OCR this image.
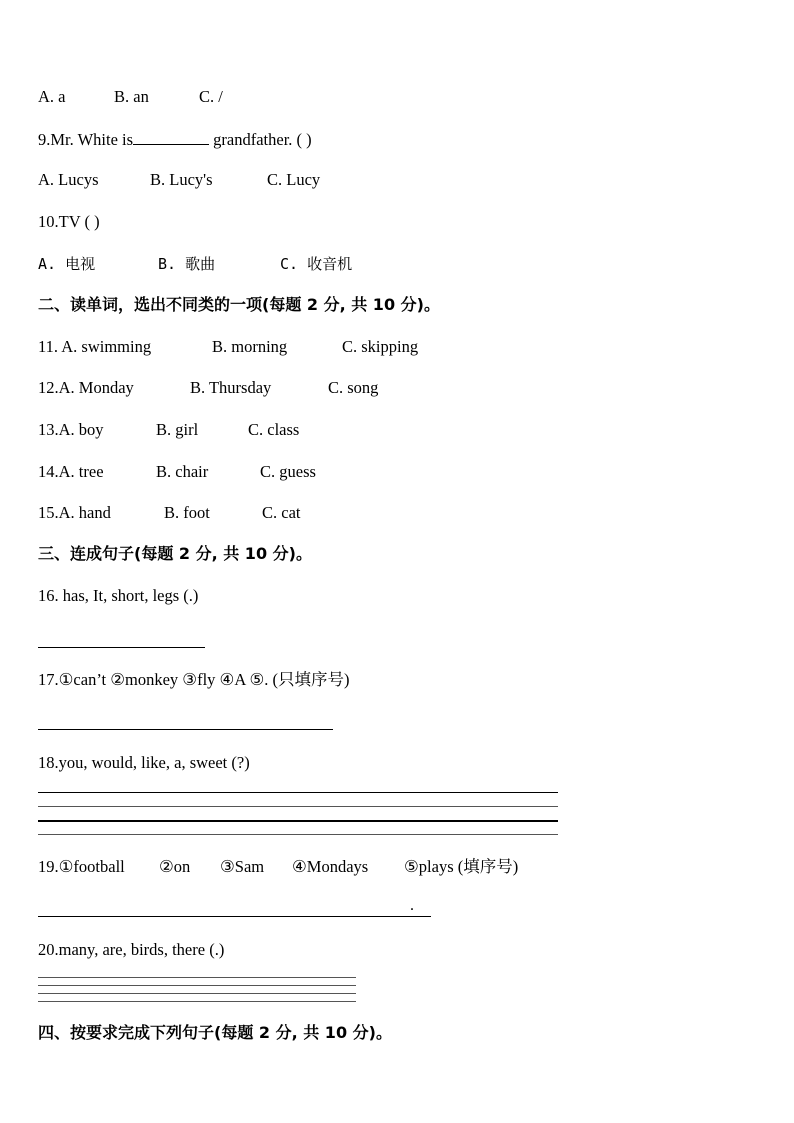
A. a	B. an	C. /
9.Mr. White is	grandfather. ( )
A. Lucys	B. Lucy's	C. Lucy
10.TV ( )
A. 电视	B. 歌曲	C. 收音机
二、读单词，选出不同类的一项(每题 2 分, 共 10 分)。
11. A. swimming	B. morning	C. skipping
12.A. Monday	B. Thursday	C. song
13.A. boy	B. girl	C. class
14.A. tree	B. chair	C. guess
15.A. hand	B. foot	C. cat
三、连成句子(每题 2 分, 共 10 分)。
16. has, It, short, legs (.)
17.①can’t ②monkey ③fly ④A ⑤. (只填序号)
18.you, would, like, a, sweet (?)
19.①football ②on ③Sam ④Mondays ⑤plays (填序号)
.
20.many, are, birds, there (.)
四、按要求完成下列句子(每题 2 分, 共 10 分)。
